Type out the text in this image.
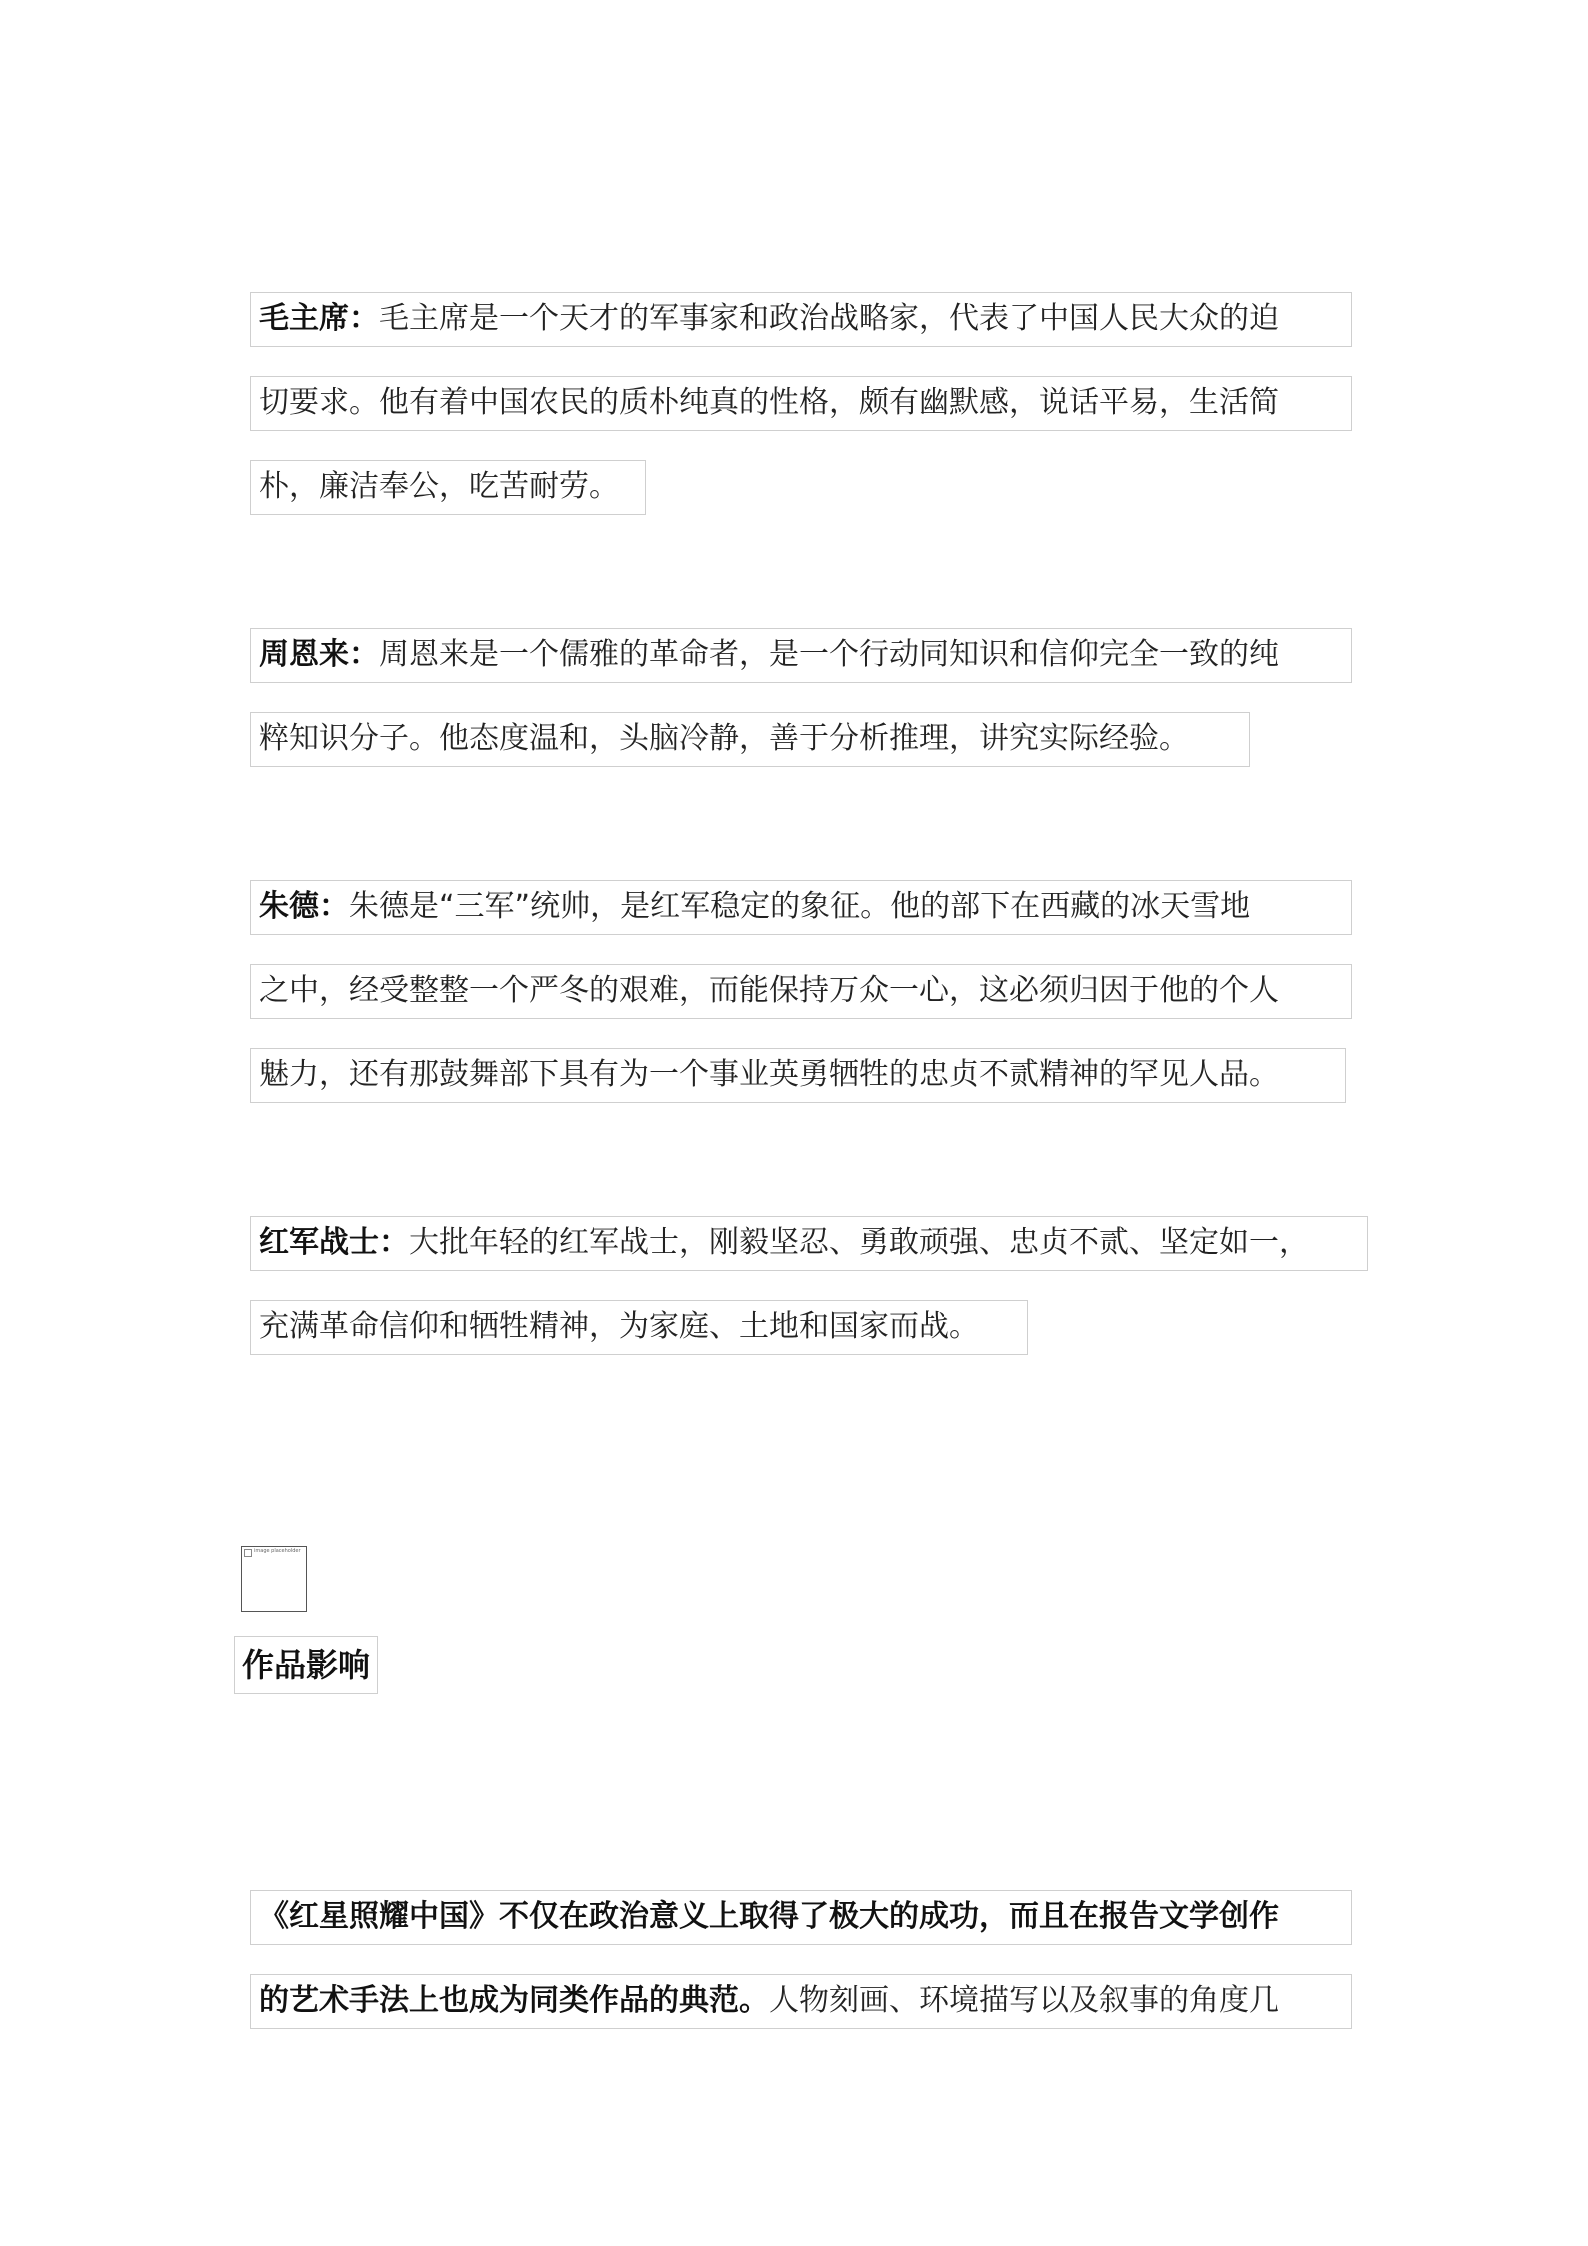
毛主席：毛主席是一个天才的军事家和政治战略家，代表了中国人民大众的迫
切要求。他有着中国农民的质朴纯真的性格，颇有幽默感，说话平易，生活简
朴，廉洁奉公，吃苦耐劳。
周恩来：周恩来是一个儒雅的革命者，是一个行动同知识和信仰完全一致的纯
粹知识分子。他态度温和，头脑冷静，善于分析推理，讲究实际经验。
朱德：朱德是“三军”统帅，是红军稳定的象征。他的部下在西藏的冰天雪地
之中，经受整整一个严冬的艰难，而能保持万众一心，这必须归因于他的个人
魅力，还有那鼓舞部下具有为一个事业英勇牺牲的忠贞不贰精神的罕见人品。
红军战士：大批年轻的红军战士，刚毅坚忍、勇敢顽强、忠贞不贰、坚定如一，
充满革命信仰和牺牲精神，为家庭、土地和国家而战。
image placeholder
作品影响
《红星照耀中国》不仅在政治意义上取得了极大的成功，而且在报告文学创作
的艺术手法上也成为同类作品的典范。人物刻画、环境描写以及叙事的角度几
